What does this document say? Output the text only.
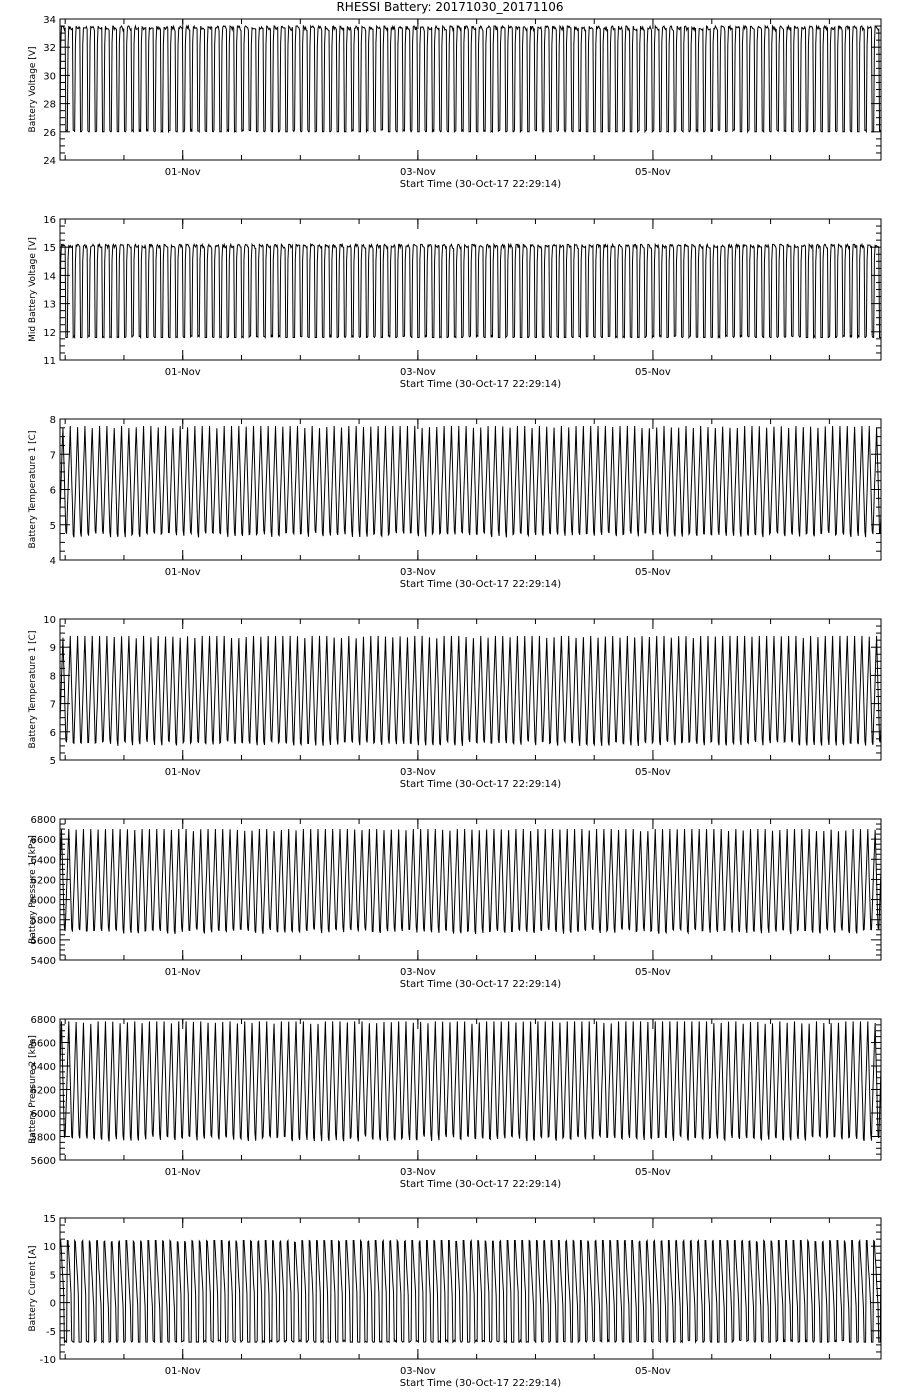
RHESSI Battery: 20171030_20171106
24
26
28
30
32
34
Battery Voltage [V]
01-Nov	03-Nov	05-Nov
Start Time (30-Oct-17 22:29:14)
11
12
13
14
15
16
Mid Battery Voltage [V]
01-Nov	03-Nov	05-Nov
Start Time (30-Oct-17 22:29:14)
4
5
6
7
8
Battery Temperature 1 [C]
01-Nov	03-Nov	05-Nov
Start Time (30-Oct-17 22:29:14)
5
6
7
8
9
10
Battery Temperature 1 [C]
01-Nov	03-Nov	05-Nov
Start Time (30-Oct-17 22:29:14)
5400
5600
5800
6000
6200
6400
6600
6800
Battery Pressure 1 [kPa]
01-Nov	03-Nov	05-Nov
Start Time (30-Oct-17 22:29:14)
5600
5800
6000
6200
6400
6600
6800
Battery Pressure 2 [kPa]
01-Nov	03-Nov	05-Nov
Start Time (30-Oct-17 22:29:14)
-10
-5
0
5
10
15
Battery Current [A]
01-Nov	03-Nov	05-Nov
Start Time (30-Oct-17 22:29:14)
